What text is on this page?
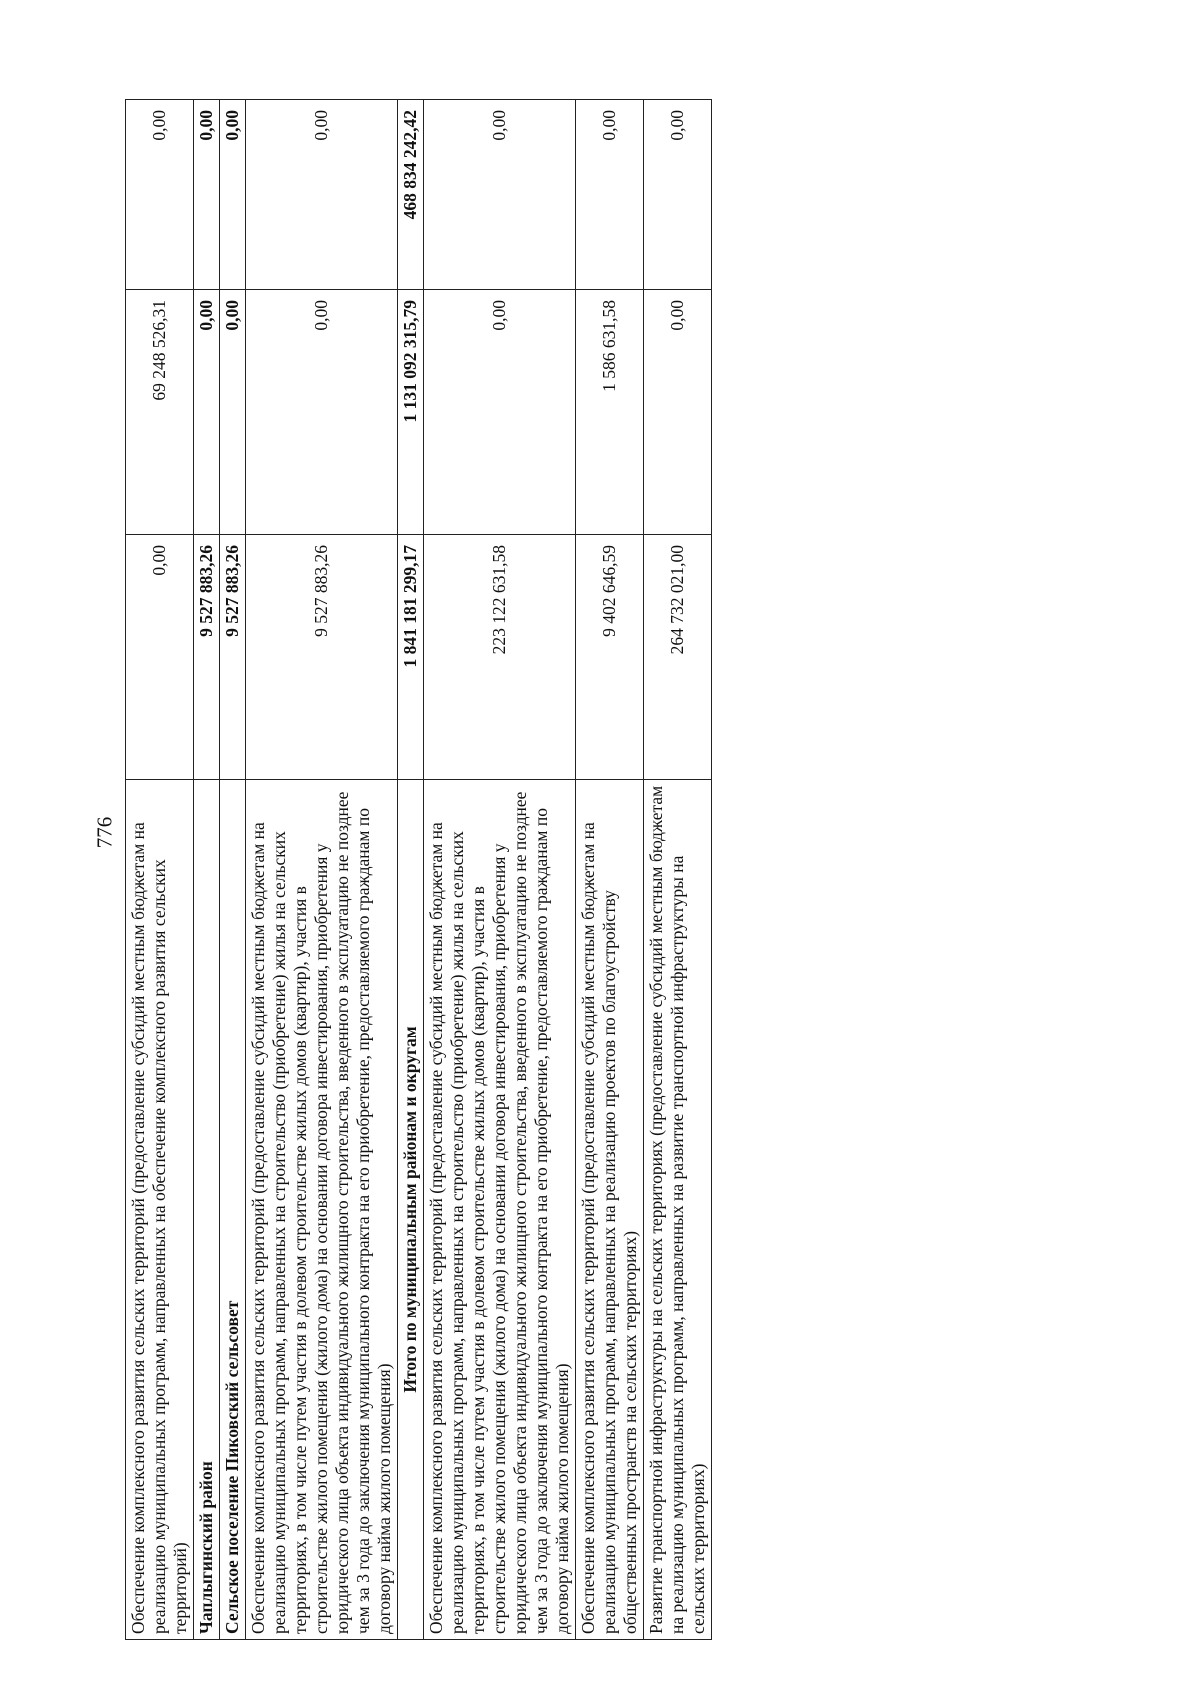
776 Обеспечение комплексного развития сельских территорий (предоставление субсидий местным бюджетам на реализацию муниципальных программ, направленных на обеспечение комплексного развития сельских территорий)	0,00	69 248 526,31	0,00
Чаплыгинский район	9 527 883,26	0,00	0,00
Сельское поселение Пиковский сельсовет	9 527 883,26	0,00	0,00
Обеспечение комплексного развития сельских территорий (предоставление субсидий местным бюджетам на реализацию муниципальных программ, направленных на строительство (приобретение) жилья на сельских территориях, в том числе путем участия в долевом строительстве жилых домов (квартир), участия в строительстве жилого помещения (жилого дома) на основании договора инвестирования, приобретения у юридического лица объекта индивидуального жилищного строительства, введенного в эксплуатацию не позднее чем за 3 года до заключения муниципального контракта на его приобретение, предоставляемого гражданам по договору найма жилого помещения)	9 527 883,26	0,00	0,00
Итого по муниципальным районам и округам	1 841 181 299,17	1 131 092 315,79	468 834 242,42
Обеспечение комплексного развития сельских территорий (предоставление субсидий местным бюджетам на реализацию муниципальных программ, направленных на строительство (приобретение) жилья на сельских территориях, в том числе путем участия в долевом строительстве жилых домов (квартир), участия в строительстве жилого помещения (жилого дома) на основании договора инвестирования, приобретения у юридического лица объекта индивидуального жилищного строительства, введенного в эксплуатацию не позднее чем за 3 года до заключения муниципального контракта на его приобретение, предоставляемого гражданам по договору найма жилого помещения)	223 122 631,58	0,00	0,00
Обеспечение комплексного развития сельских территорий (предоставление субсидий местным бюджетам на реализацию муниципальных программ, направленных на реализацию проектов по благоустройству общественных пространств на сельских территориях)	9 402 646,59	1 586 631,58	0,00
Развитие транспортной инфраструктуры на сельских территориях (предоставление субсидий местным бюджетам на реализацию муниципальных программ, направленных на развитие транспортной инфраструктуры на сельских территориях)	264 732 021,00	0,00	0,00
